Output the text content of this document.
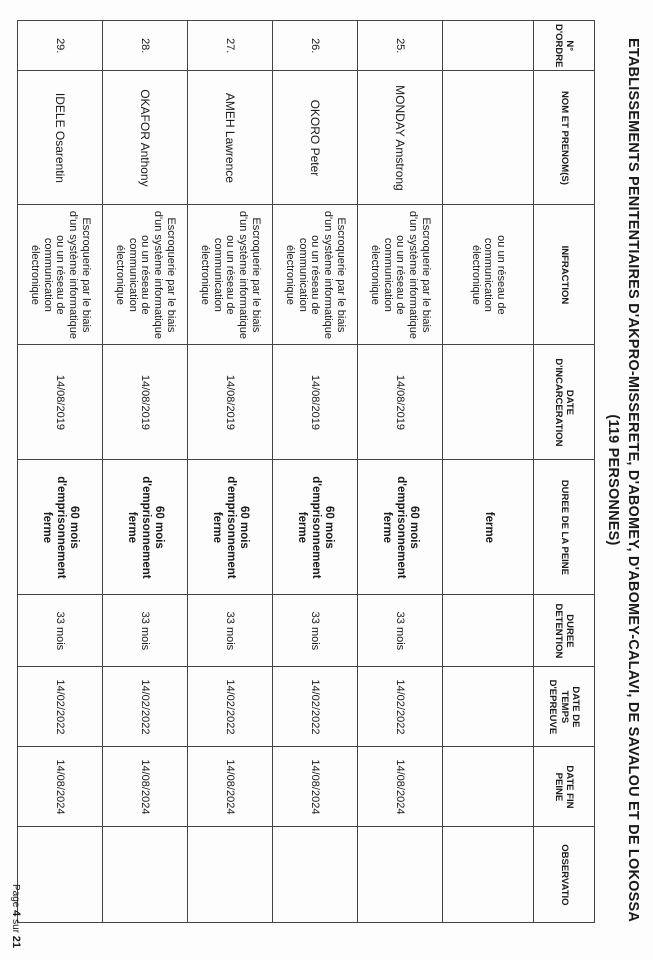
ETABLISSEMENTS PENITENTIAIRES D'AKPRO-MISSERETE, D'ABOMEY, D'ABOMEY-CALAVI, DE SAVALOU ET DE LOKOSSA
(119 PERSONNES)
N° D'ORDRE	NOM ET PRENOM(S)	INFRACTION	DATE D'INCARCERATION	DUREE DE LA PEINE	DUREE DETENTION	DATE DE TEMPS D'EPREUVE	DATE FIN PEINE	OBSERVATIO
		ou un réseau de communication électronique		ferme				
25.	MONDAY Amstrong	Escroquerie par le biais d'un système informatique ou un réseau de communication électronique	14/08/2019	60 mois d'emprisonnement ferme	33 mois	14/02/2022	14/08/2024	
26.	OKORO Peter	Escroquerie par le biais d'un système informatique ou un réseau de communication électronique	14/08/2019	60 mois d'emprisonnement ferme	33 mois	14/02/2022	14/08/2024	
27.	AMEH Lawrence	Escroquerie par le biais d'un système informatique ou un réseau de communication électronique	14/08/2019	60 mois d'emprisonnement ferme	33 mois	14/02/2022	14/08/2024	
28.	OKAFOR Anthony	Escroquerie par le biais d'un système informatique ou un réseau de communication électronique	14/08/2019	60 mois d'emprisonnement ferme	33 mois	14/02/2022	14/08/2024	
29.	IDELE Osarentin	Escroquerie par le biais d'un système informatique ou un réseau de communication électronique	14/08/2019	60 mois d'emprisonnement ferme	33 mois	14/02/2022	14/08/2024	
Page 4 sur 21
